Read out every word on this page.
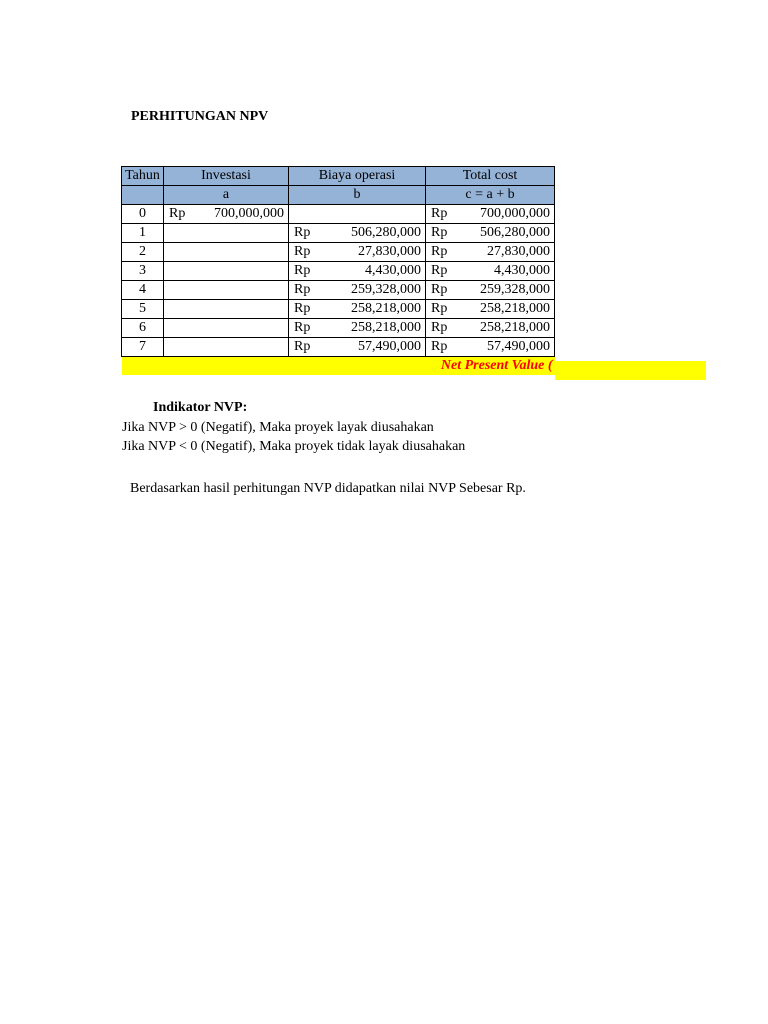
PERHITUNGAN NPV
Tahun	Investasi	Biaya operasi	Total cost
	a	b	c = a + b
0	Rp 700,000,000		Rp 700,000,000

1		Rp 506,280,000	Rp 506,280,000

2		Rp 27,830,000	Rp 27,830,000

3		Rp 4,430,000	Rp 4,430,000

4		Rp 259,328,000	Rp 259,328,000

5		Rp 258,218,000	Rp 258,218,000

6		Rp 258,218,000	Rp 258,218,000

7		Rp 57,490,000	Rp 57,490,000

Net Present Value (			
Indikator NVP:
Jika NVP > 0 (Negatif), Maka proyek layak diusahakan
Jika NVP < 0 (Negatif), Maka proyek tidak layak diusahakan
Berdasarkan hasil perhitungan NVP didapatkan nilai NVP Sebesar Rp.
